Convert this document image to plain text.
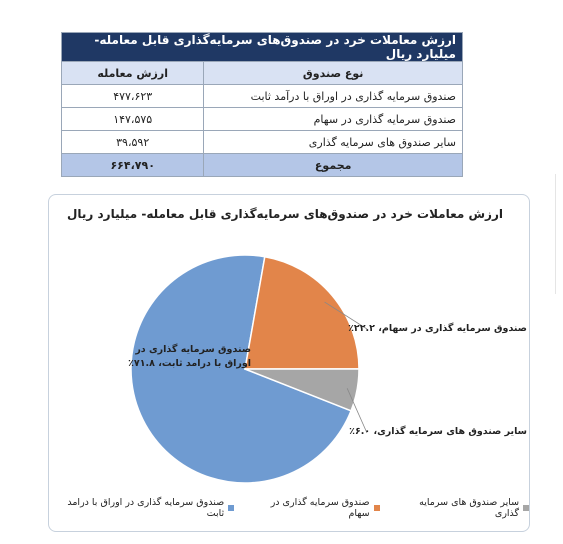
ارزش معاملات خرد در صندوق‌های سرمایه‌گذاری قابل معامله- میلیارد ریال	
نوع صندوق	ارزش معامله
صندوق سرمایه گذاری در اوراق با درآمد ثابت	۴۷۷،۶۲۳
صندوق سرمایه گذاری در سهام	۱۴۷،۵۷۵
سایر صندوق های سرمایه گذاری	۳۹،۵۹۲
مجموع	۶۶۴،۷۹۰
ارزش معاملات خرد در صندوق‌های سرمایه‌گذاری قابل معامله- میلیارد ریال
صندوق سرمایه گذاری در اوراق با درامد ثابت، ۷۱.۸٪
صندوق سرمایه گذاری در سهام، ۲۲.۲٪
سایر صندوق های سرمایه گذاری، ۶.۰٪
صندوق سرمایه گذاری در اوراق با درامد ثابت
صندوق سرمایه گذاری در سهام
سایر صندوق های سرمایه گذاری
